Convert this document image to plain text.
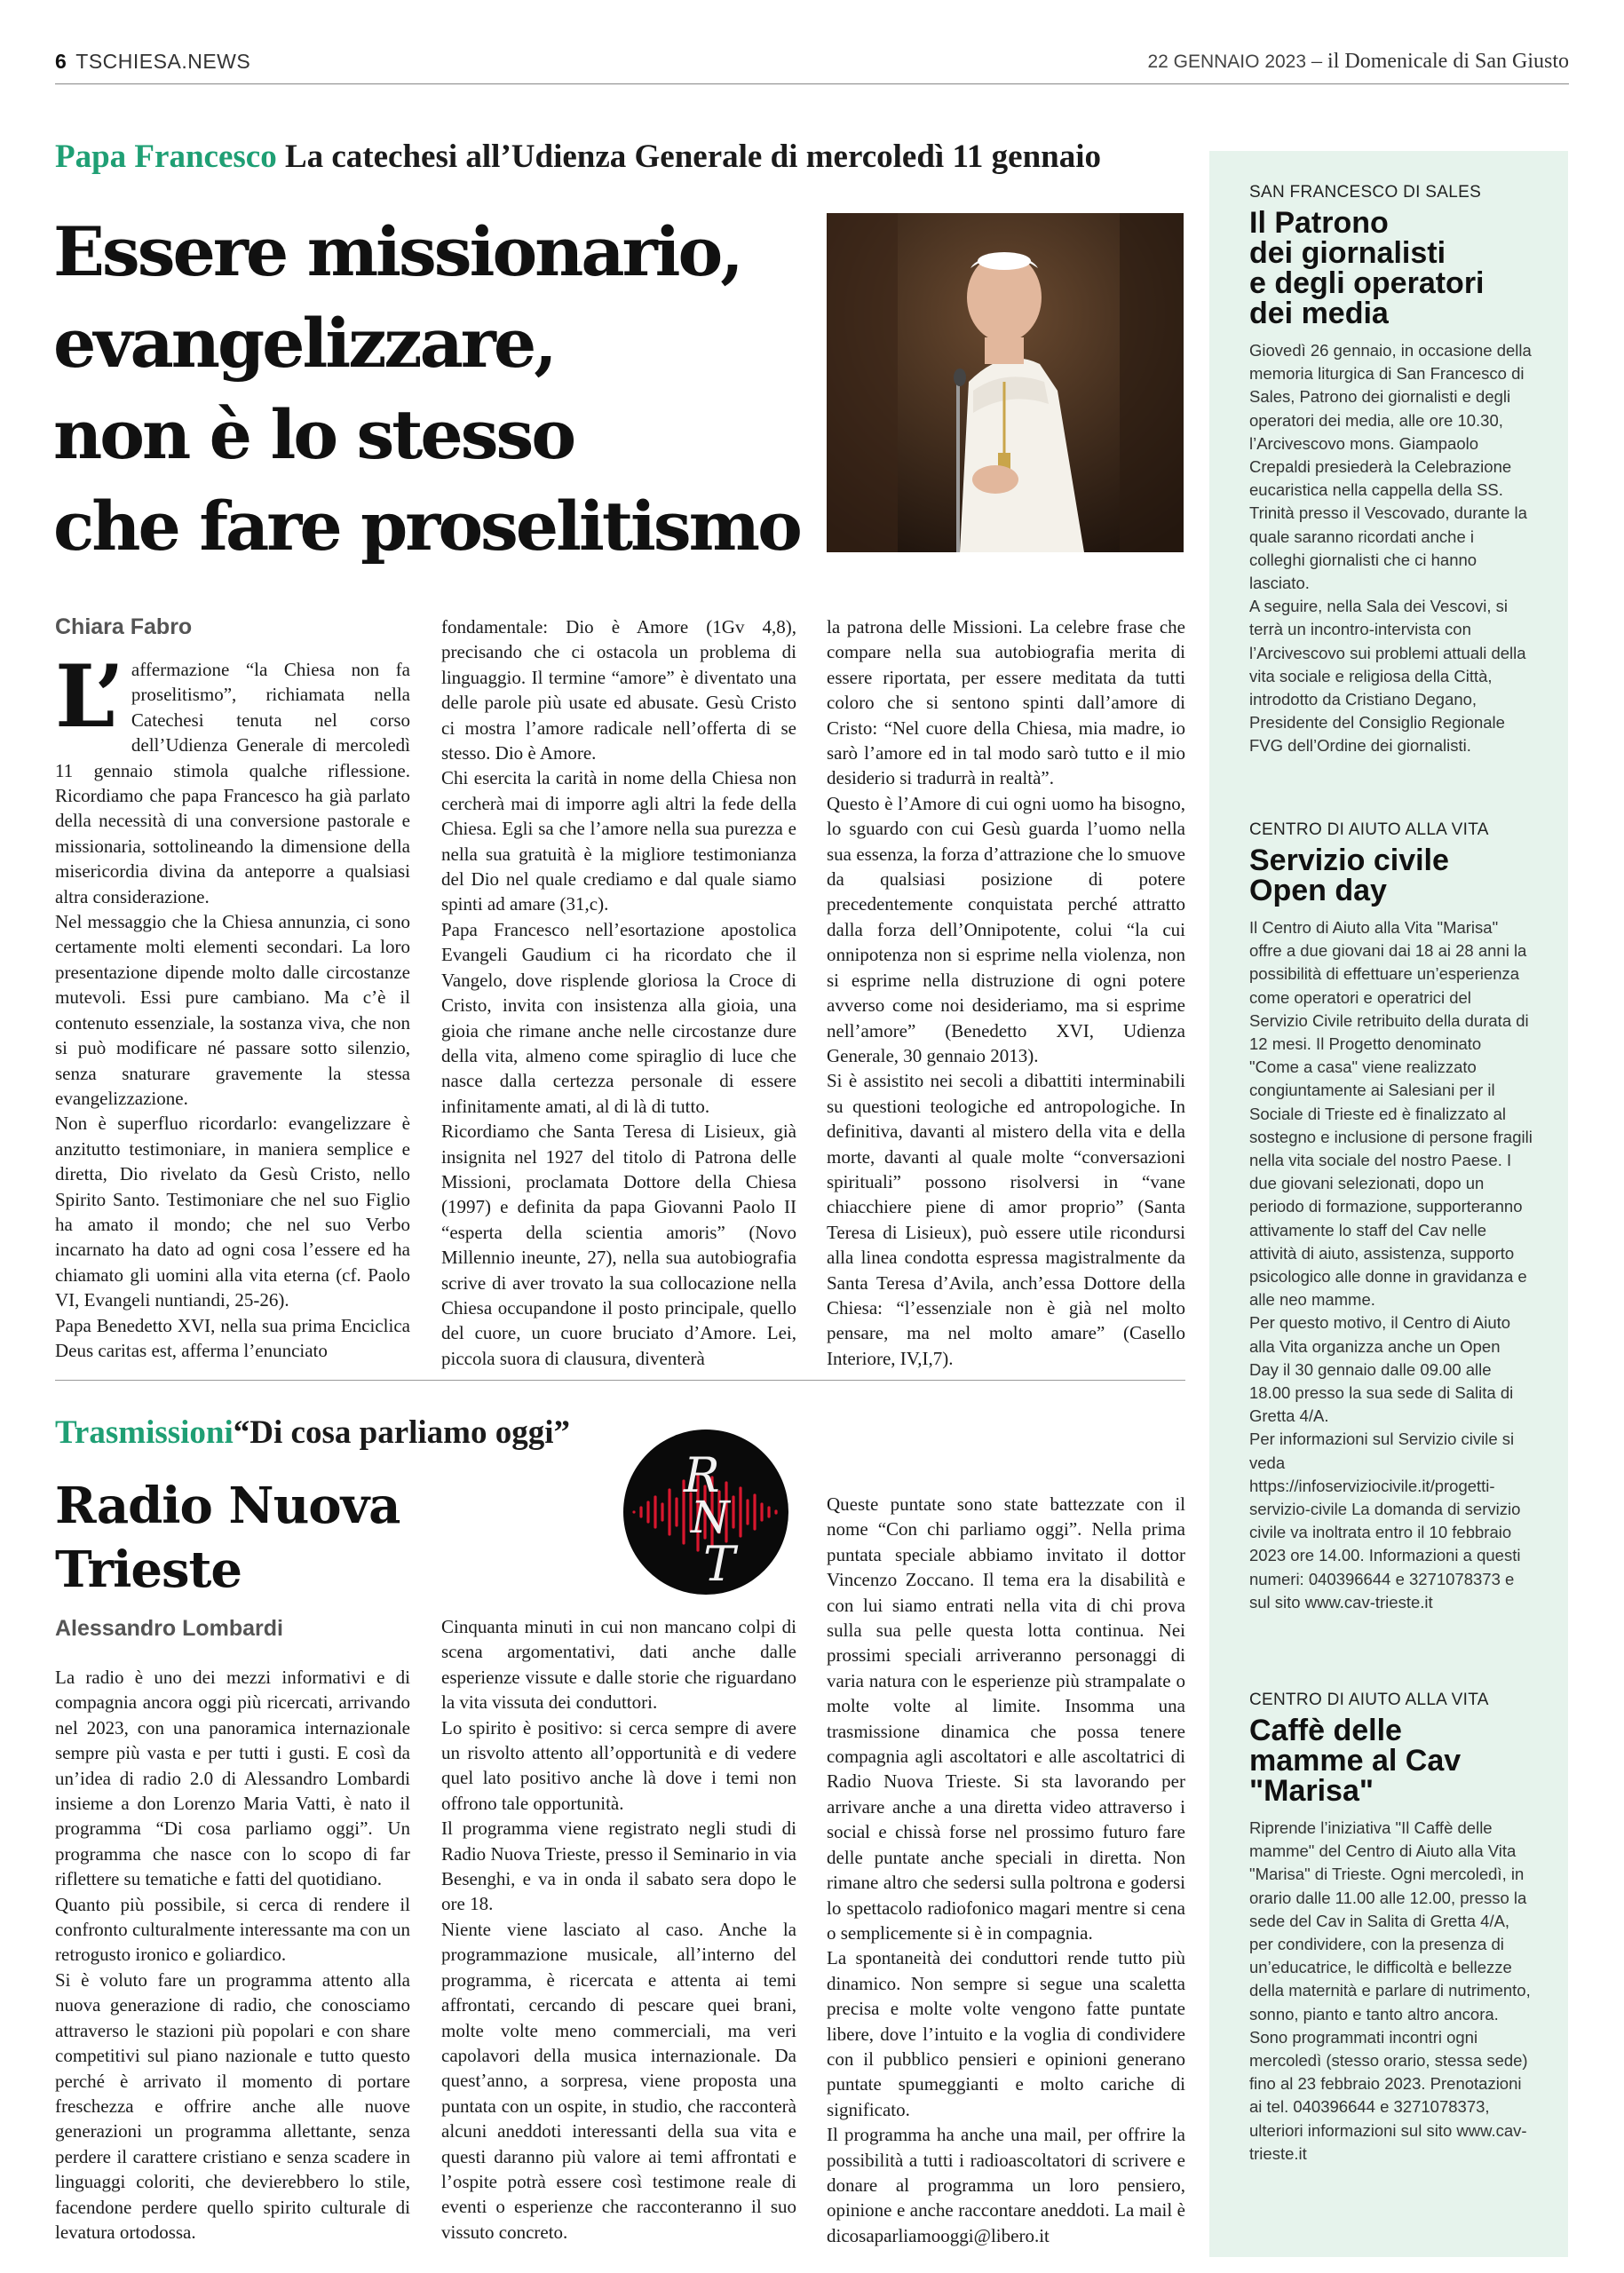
6 TSCHIESA.NEWS	22 GENNAIO 2023 – il Domenicale di San Giusto
Papa Francesco La catechesi all’Udienza Generale di mercoledì 11 gennaio
Essere missionario,
evangelizzare,
non è lo stesso
che fare proselitismo
Chiara Fabro

L’ affermazione “la Chiesa non fa proselitismo”, richiamata nella Catechesi tenuta nel corso dell’Udienza Generale di mercoledì 11 gennaio stimola qualche riflessione. Ricordiamo che papa Francesco ha già parlato della necessità di una conversione pastorale e missionaria, sottolineando la dimensione della misericordia divina da anteporre a qualsiasi altra considerazione.

Nel messaggio che la Chiesa annunzia, ci sono certamente molti elementi secondari. La loro presentazione dipende molto dalle circostanze mutevoli. Essi pure cambiano. Ma c’è il contenuto essenziale, la sostanza viva, che non si può modificare né passare sotto silenzio, senza snaturare gravemente la stessa evangelizzazione.

Non è superfluo ricordarlo: evangelizzare è anzitutto testimoniare, in maniera semplice e diretta, Dio rivelato da Gesù Cristo, nello Spirito Santo. Testimoniare che nel suo Figlio ha amato il mondo; che nel suo Verbo incarnato ha dato ad ogni cosa l’essere ed ha chiamato gli uomini alla vita eterna (cf. Paolo VI, Evangeli nuntiandi, 25-26).

Papa Benedetto XVI, nella sua prima Enciclica Deus caritas est, afferma l’enunciato

fondamentale: Dio è Amore (1Gv 4,8), precisando che ci ostacola un problema di linguaggio. Il termine “amore” è diventato una delle parole più usate ed abusate. Gesù Cristo ci mostra l’amore radicale nell’offerta di se stesso. Dio è Amore.

Chi esercita la carità in nome della Chiesa non cercherà mai di imporre agli altri la fede della Chiesa. Egli sa che l’amore nella sua purezza e nella sua gratuità è la migliore testimonianza del Dio nel quale crediamo e dal quale siamo spinti ad amare (31,c).

Papa Francesco nell’esortazione apostolica Evangeli Gaudium ci ha ricordato che il Vangelo, dove risplende gloriosa la Croce di Cristo, invita con insistenza alla gioia, una gioia che rimane anche nelle circostanze dure della vita, almeno come spiraglio di luce che nasce dalla certezza personale di essere infinitamente amati, al di là di tutto.

Ricordiamo che Santa Teresa di Lisieux, già insignita nel 1927 del titolo di Patrona delle Missioni, proclamata Dottore della Chiesa (1997) e definita da papa Giovanni Paolo II “esperta della scientia amoris” (Novo Millennio ineunte, 27), nella sua autobiografia scrive di aver trovato la sua collocazione nella Chiesa occupandone il posto principale, quello del cuore, un cuore bruciato d’Amore. Lei, piccola suora di clausura, diventerà

la patrona delle Missioni. La celebre frase che compare nella sua autobiografia merita di essere riportata, per essere meditata da tutti coloro che si sentono spinti dall’amore di Cristo: “Nel cuore della Chiesa, mia madre, io sarò l’amore ed in tal modo sarò tutto e il mio desiderio si tradurrà in realtà”.

Questo è l’Amore di cui ogni uomo ha bisogno, lo sguardo con cui Gesù guarda l’uomo nella sua essenza, la forza d’attrazione che lo smuove da qualsiasi posizione di potere precedentemente conquistata perché attratto dalla forza dell’Onnipotente, colui “la cui onnipotenza non si esprime nella violenza, non si esprime nella distruzione di ogni potere avverso come noi desideriamo, ma si esprime nell’amore” (Benedetto XVI, Udienza Generale, 30 gennaio 2013).

Si è assistito nei secoli a dibattiti interminabili su questioni teologiche ed antropologiche. In definitiva, davanti al mistero della vita e della morte, davanti al quale molte “conversazioni spirituali” possono risolversi in “vane chiacchiere piene di amor proprio” (Santa Teresa di Lisieux), può essere utile ricondursi alla linea condotta espressa magistralmente da Santa Teresa d’Avila, anch’essa Dottore della Chiesa: “l’essenziale non è già nel molto pensare, ma nel molto amare” (Casello Interiore, IV,I,7).

Trasmissioni“Di cosa parliamo oggi”
Radio Nuova
Trieste
R
N
T
Alessandro Lombardi

La radio è uno dei mezzi informativi e di compagnia ancora oggi più ricercati, arrivando nel 2023, con una panoramica internazionale sempre più vasta e per tutti i gusti. E così da un’idea di radio 2.0 di Alessandro Lombardi insieme a don Lorenzo Maria Vatti, è nato il programma “Di cosa parliamo oggi”. Un programma che nasce con lo scopo di far riflettere su tematiche e fatti del quotidiano.

Quanto più possibile, si cerca di rendere il confronto culturalmente interessante ma con un retrogusto ironico e goliardico.

Si è voluto fare un programma attento alla nuova generazione di radio, che conosciamo attraverso le stazioni più popolari e con share competitivi sul piano nazionale e tutto questo perché è arrivato il momento di portare freschezza e offrire anche alle nuove generazioni un programma allettante, senza perdere il carattere cristiano e senza scadere in linguaggi coloriti, che devierebbero lo stile, facendone perdere quello spirito culturale di levatura ortodossa.

Cinquanta minuti in cui non mancano colpi di scena argomentativi, dati anche dalle esperienze vissute e dalle storie che riguardano la vita vissuta dei conduttori.

Lo spirito è positivo: si cerca sempre di avere un risvolto attento all’opportunità e di vedere quel lato positivo anche là dove i temi non offrono tale opportunità.

Il programma viene registrato negli studi di Radio Nuova Trieste, presso il Seminario in via Besenghi, e va in onda il sabato sera dopo le ore 18.

Niente viene lasciato al caso. Anche la programmazione musicale, all’interno del programma, è ricercata e attenta ai temi affrontati, cercando di pescare quei brani, molte volte meno commerciali, ma veri capolavori della musica internazionale. Da quest’anno, a sorpresa, viene proposta una puntata con un ospite, in studio, che racconterà alcuni aneddoti interessanti della sua vita e questi daranno più valore ai temi affrontati e l’ospite potrà essere così testimone reale di eventi o esperienze che racconteranno il suo vissuto concreto.

Queste puntate sono state battezzate con il nome “Con chi parliamo oggi”. Nella prima puntata speciale abbiamo invitato il dottor Vincenzo Zoccano. Il tema era la disabilità e con lui siamo entrati nella vita di chi prova sulla sua pelle questa lotta continua. Nei prossimi speciali arriveranno personaggi di varia natura con le esperienze più strampalate o molte volte al limite. Insomma una trasmissione dinamica che possa tenere compagnia agli ascoltatori e alle ascoltatrici di Radio Nuova Trieste. Si sta lavorando per arrivare anche a una diretta video attraverso i social e chissà forse nel prossimo futuro fare delle puntate anche speciali in diretta. Non rimane altro che sedersi sulla poltrona e godersi lo spettacolo radiofonico magari mentre si cena o semplicemente si è in compagnia.

La spontaneità dei conduttori rende tutto più dinamico. Non sempre si segue una scaletta precisa e molte volte vengono fatte puntate libere, dove l’intuito e la voglia di condividere con il pubblico pensieri e opinioni generano puntate spumeggianti e molto cariche di significato.

Il programma ha anche una mail, per offrire la possibilità a tutti i radioascoltatori di scrivere e donare al programma un loro pensiero, opinione e anche raccontare aneddoti. La mail è dicosaparliamooggi@libero.it

SAN FRANCESCO DI SALES
Il Patrono
dei giornalisti
e degli operatori
dei media

Giovedì 26 gennaio, in occasione della memoria liturgica di San Francesco di Sales, Patrono dei giornalisti e degli operatori dei media, alle ore 10.30, l’Arcivescovo mons. Giampaolo Crepaldi presiederà la Celebrazione eucaristica nella cappella della SS. Trinità presso il Vescovado, durante la quale saranno ricordati anche i colleghi giornalisti che ci hanno lasciato.

A seguire, nella Sala dei Vescovi, si terrà un incontro-intervista con l’Arcivescovo sui problemi attuali della vita sociale e religiosa della Città, introdotto da Cristiano Degano, Presidente del Consiglio Regionale FVG dell’Ordine dei giornalisti.

CENTRO DI AIUTO ALLA VITA
Servizio civile
Open day

Il Centro di Aiuto alla Vita "Marisa" offre a due giovani dai 18 ai 28 anni la possibilità di effettuare un’esperienza come operatori e operatrici del Servizio Civile retribuito della durata di 12 mesi. Il Progetto denominato "Come a casa" viene realizzato congiuntamente ai Salesiani per il Sociale di Trieste ed è finalizzato al sostegno e inclusione di persone fragili nella vita sociale del nostro Paese. I due giovani selezionati, dopo un periodo di formazione, supporteranno attivamente lo staff del Cav nelle attività di aiuto, assistenza, supporto psicologico alle donne in gravidanza e alle neo mamme.

Per questo motivo, il Centro di Aiuto alla Vita organizza anche un Open Day il 30 gennaio dalle 09.00 alle 18.00 presso la sua sede di Salita di Gretta 4/A.

Per informazioni sul Servizio civile si veda https://infoserviziocivile.it/progetti-servizio-civile La domanda di servizio civile va inoltrata entro il 10 febbraio 2023 ore 14.00. Informazioni a questi numeri: 040396644 e 3271078373 e sul sito www.cav-trieste.it

CENTRO DI AIUTO ALLA VITA
Caffè delle
mamme al Cav
"Marisa"

Riprende l’iniziativa "Il Caffè delle mamme" del Centro di Aiuto alla Vita "Marisa" di Trieste. Ogni mercoledì, in orario dalle 11.00 alle 12.00, presso la sede del Cav in Salita di Gretta 4/A, per condividere, con la presenza di un’educatrice, le difficoltà e bellezze della maternità e parlare di nutrimento, sonno, pianto e tanto altro ancora. Sono programmati incontri ogni mercoledì (stesso orario, stessa sede) fino al 23 febbraio 2023. Prenotazioni ai tel. 040396644 e 3271078373, ulteriori informazioni sul sito www.cav-trieste.it
